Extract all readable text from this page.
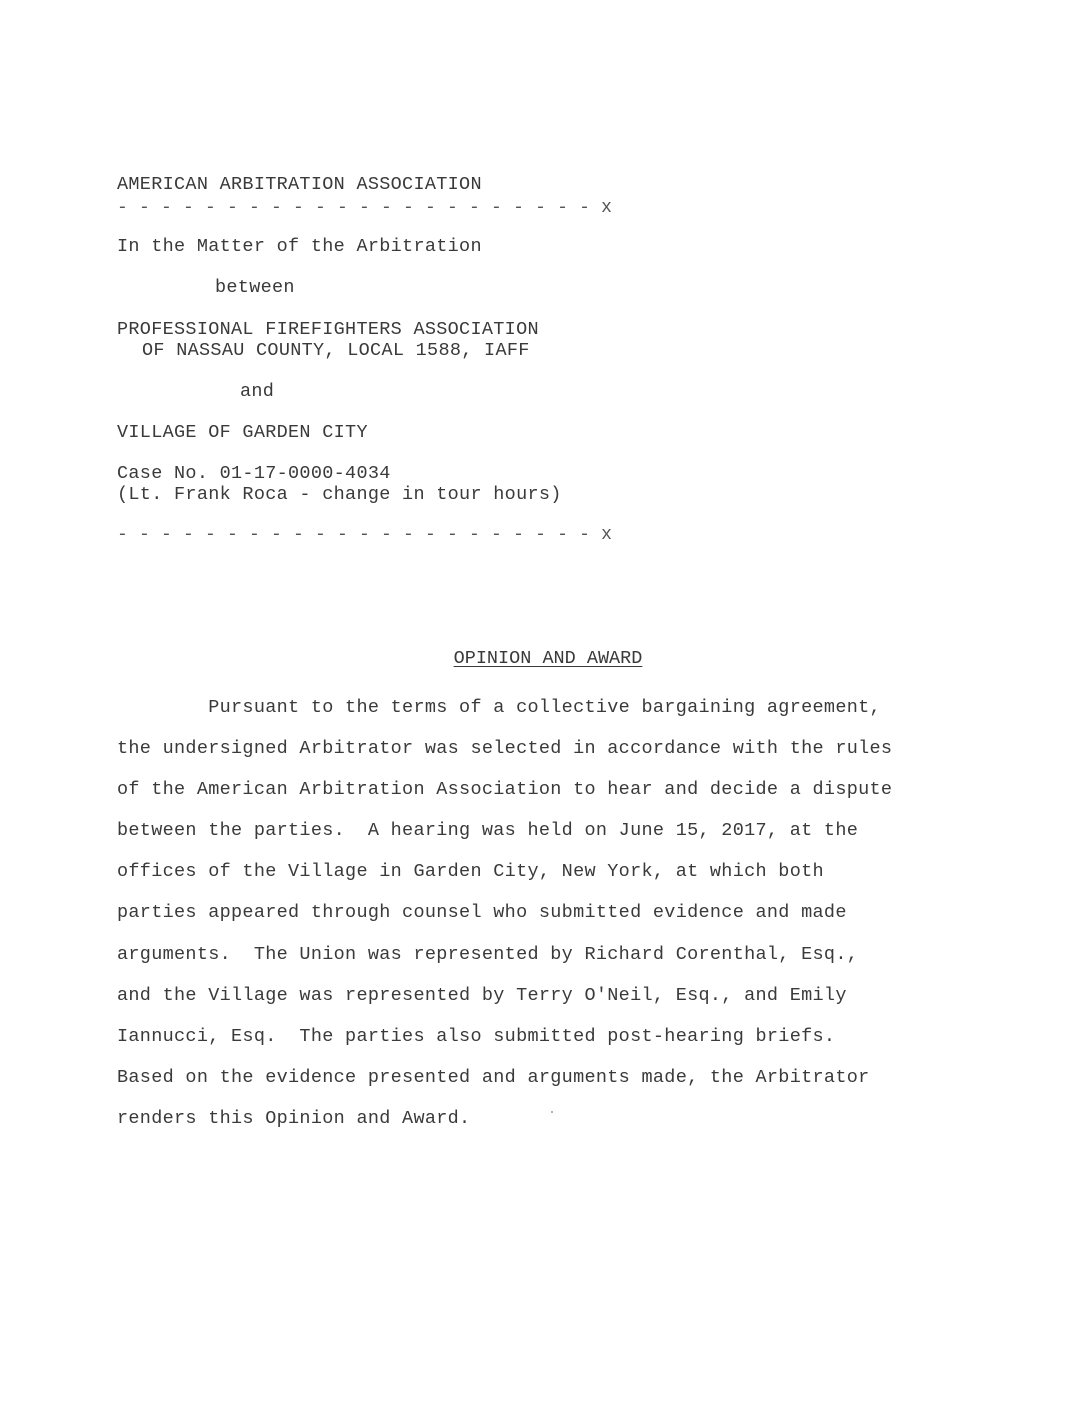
AMERICAN ARBITRATION ASSOCIATION
- - - - - - - - - - - - - - - - - - - - - - x
In the Matter of the Arbitration
between
PROFESSIONAL FIREFIGHTERS ASSOCIATION
OF NASSAU COUNTY, LOCAL 1588, IAFF
and
VILLAGE OF GARDEN CITY
Case No. 01-17-0000-4034
(Lt. Frank Roca - change in tour hours)
- - - - - - - - - - - - - - - - - - - - - - x
OPINION AND AWARD
Pursuant to the terms of a collective bargaining agreement,
the undersigned Arbitrator was selected in accordance with the rules
of the American Arbitration Association to hear and decide a dispute
between the parties.  A hearing was held on June 15, 2017, at the
offices of the Village in Garden City, New York, at which both
parties appeared through counsel who submitted evidence and made
arguments.  The Union was represented by Richard Corenthal, Esq.,
and the Village was represented by Terry O'Neil, Esq., and Emily
Iannucci, Esq.  The parties also submitted post-hearing briefs.
Based on the evidence presented and arguments made, the Arbitrator
renders this Opinion and Award.
